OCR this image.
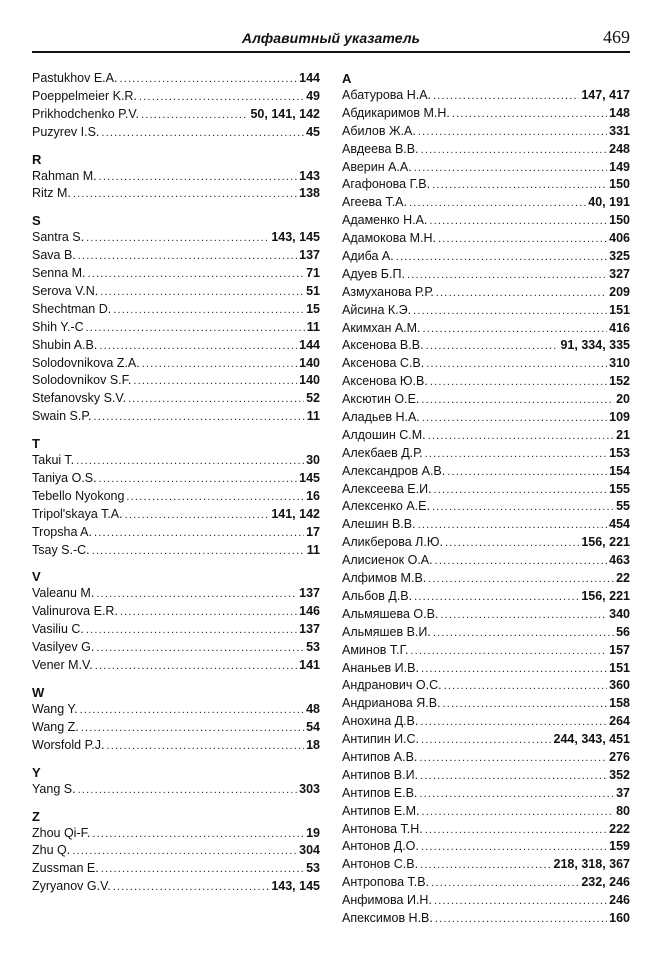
Алфавитный указатель	469
Pastukhov E.A. .....	144
Poeppelmeier K.R. .....	49
Prikhodchenko P.V. .....	50, 141, 142
Puzyrev I.S. .....	45
R
Rahman M. .....	143
Ritz M. .....	138
S
Santra S. .....	143, 145
Sava B. .....	137
Senna M. .....	71
Serova V.N. .....	51
Shechtman D. .....	15
Shih Y.-C .....	11
Shubin A.B. .....	144
Solodovnikova Z.A. .....	140
Solodovnikov S.F. .....	140
Stefanovsky S.V. .....	52
Swain S.P. .....	11
T
Takui T. .....	30
Taniya O.S. .....	145
Tebello Nyokong .....	16
Tripol'skaya T.A. .....	141, 142
Tropsha A. .....	17
Tsay S.-C. .....	11
V
Valeanu M. .....	137
Valinurova E.R. .....	146
Vasiliu C. .....	137
Vasilyev G. .....	53
Vener M.V. .....	141
W
Wang Y. .....	48
Wang Z. .....	54
Worsfold P.J. .....	18
Y
Yang S. .....	303
Z
Zhou Qi-F. .....	19
Zhu Q. .....	304
Zussman E. .....	53
Zyryanov G.V. .....	143, 145
А
Абатурова Н.А. .....	147, 417
Абдикаримов М.Н. .....	148
Абилов Ж.А. .....	331
Авдеева В.В. .....	248
Аверин А.А. .....	149
Агафонова Г.В. .....	150
Агеева Т.А. .....	40, 191
Адаменко Н.А. .....	150
Адамокова М.Н. .....	406
Адиба А. .....	325
Адуев Б.П. .....	327
Азмуханова Р.Р. .....	209
Айсина К.Э. .....	151
Акимхан А.М. .....	416
Аксенова В.В. .....	91, 334, 335
Аксенова С.В. .....	310
Аксенова Ю.В. .....	152
Аксютин О.Е. .....	20
Аладьев Н.А. .....	109
Алдошин С.М. .....	21
Алекбаев Д.Р. .....	153
Александров А.В. .....	154
Алексеева Е.И. .....	155
Алексенко А.Е. .....	55
Алешин В.В. .....	454
Аликберова Л.Ю. .....	156, 221
Алисиенок О.А. .....	463
Алфимов М.В. .....	22
Альбов Д.В. .....	156, 221
Альмяшева О.В. .....	340
Альмяшев В.И. .....	56
Аминов Т.Г. .....	157
Ананьев И.В. .....	151
Андранович О.С. .....	360
Андрианова Я.В. .....	158
Анохина Д.В. .....	264
Антипин И.С. .....	244, 343, 451
Антипов А.В. .....	276
Антипов В.И. .....	352
Антипов Е.В. .....	37
Антипов Е.М. .....	80
Антонова Т.Н. .....	222
Антонов Д.О. .....	159
Антонов С.В. .....	218, 318, 367
Антропова Т.В. .....	232, 246
Анфимова И.Н. .....	246
Апексимов Н.В. .....	160
